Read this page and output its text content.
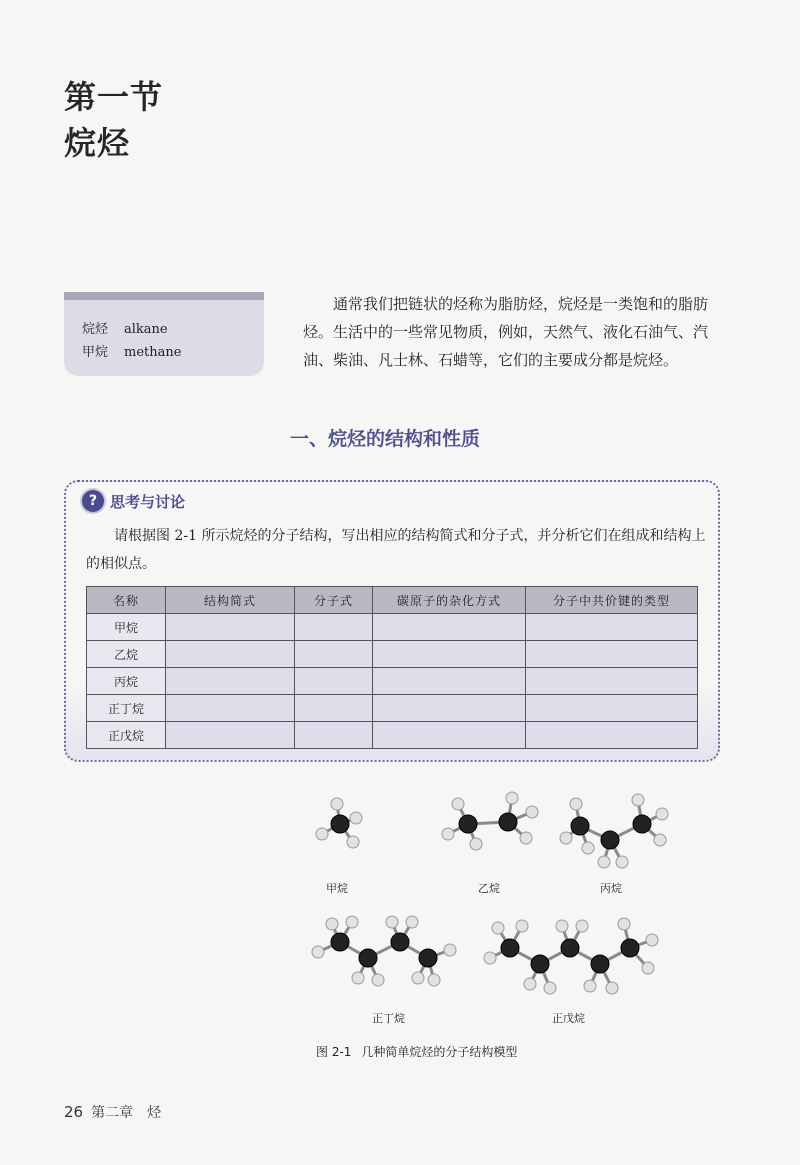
第一节
烷烃
烷烃 alkane
甲烷 methane

通常我们把链状的烃称为脂肪烃，烷烃是一类饱和的脂肪烃。生活中的一些常见物质，例如，天然气、液化石油气、汽油、柴油、凡士林、石蜡等，它们的主要成分都是烷烃。

一、烷烃的结构和性质
? 思考与讨论

请根据图 2-1 所示烷烃的分子结构，写出相应的结构简式和分子式，并分析它们在组成和结构上的相似点。

名称	结构简式	分子式	碳原子的杂化方式	分子中共价键的类型
甲烷				
乙烷				
丙烷				
正丁烷				
正戊烷				
甲烷	乙烷	丙烷
正丁烷	正戊烷
图 2-1 几种简单烷烃的分子结构模型
26 第二章 烃
